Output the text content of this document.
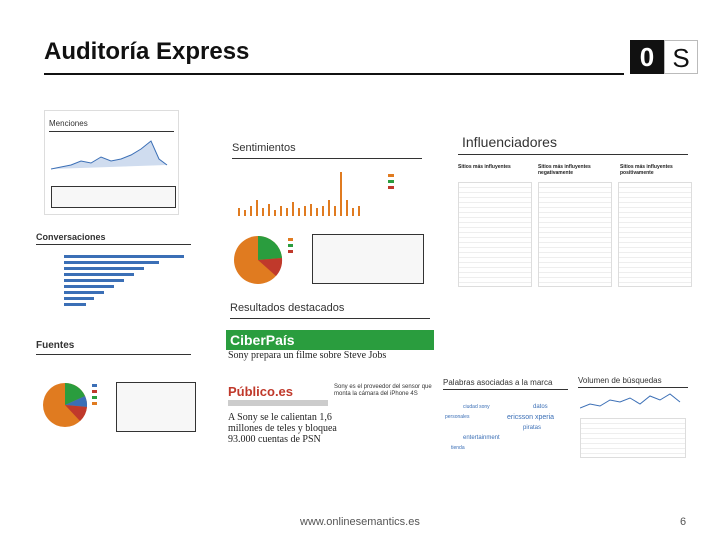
Auditoría Express	0 S
Menciones
Conversaciones
Fuentes
Sentimientos	Influenciadores
Sitios más influyentes	Sitios más influyentes negativamente
Sitios más influyentes positivamente
Resultados destacados
CiberPaís
Sony prepara un filme sobre Steve Jobs
Público.es	Sony es el proveedor del sensor que monta la cámara del iPhone 4S
A Sony se le calientan 1,6 millones de teles y bloquea 93.000 cuentas de PSN
Palabras asociadas a la marca
ciudad sony	datos
personales	ericsson xperia
piratas
entertainment
tienda
Volumen de búsquedas
www.onlinesemantics.es	6
